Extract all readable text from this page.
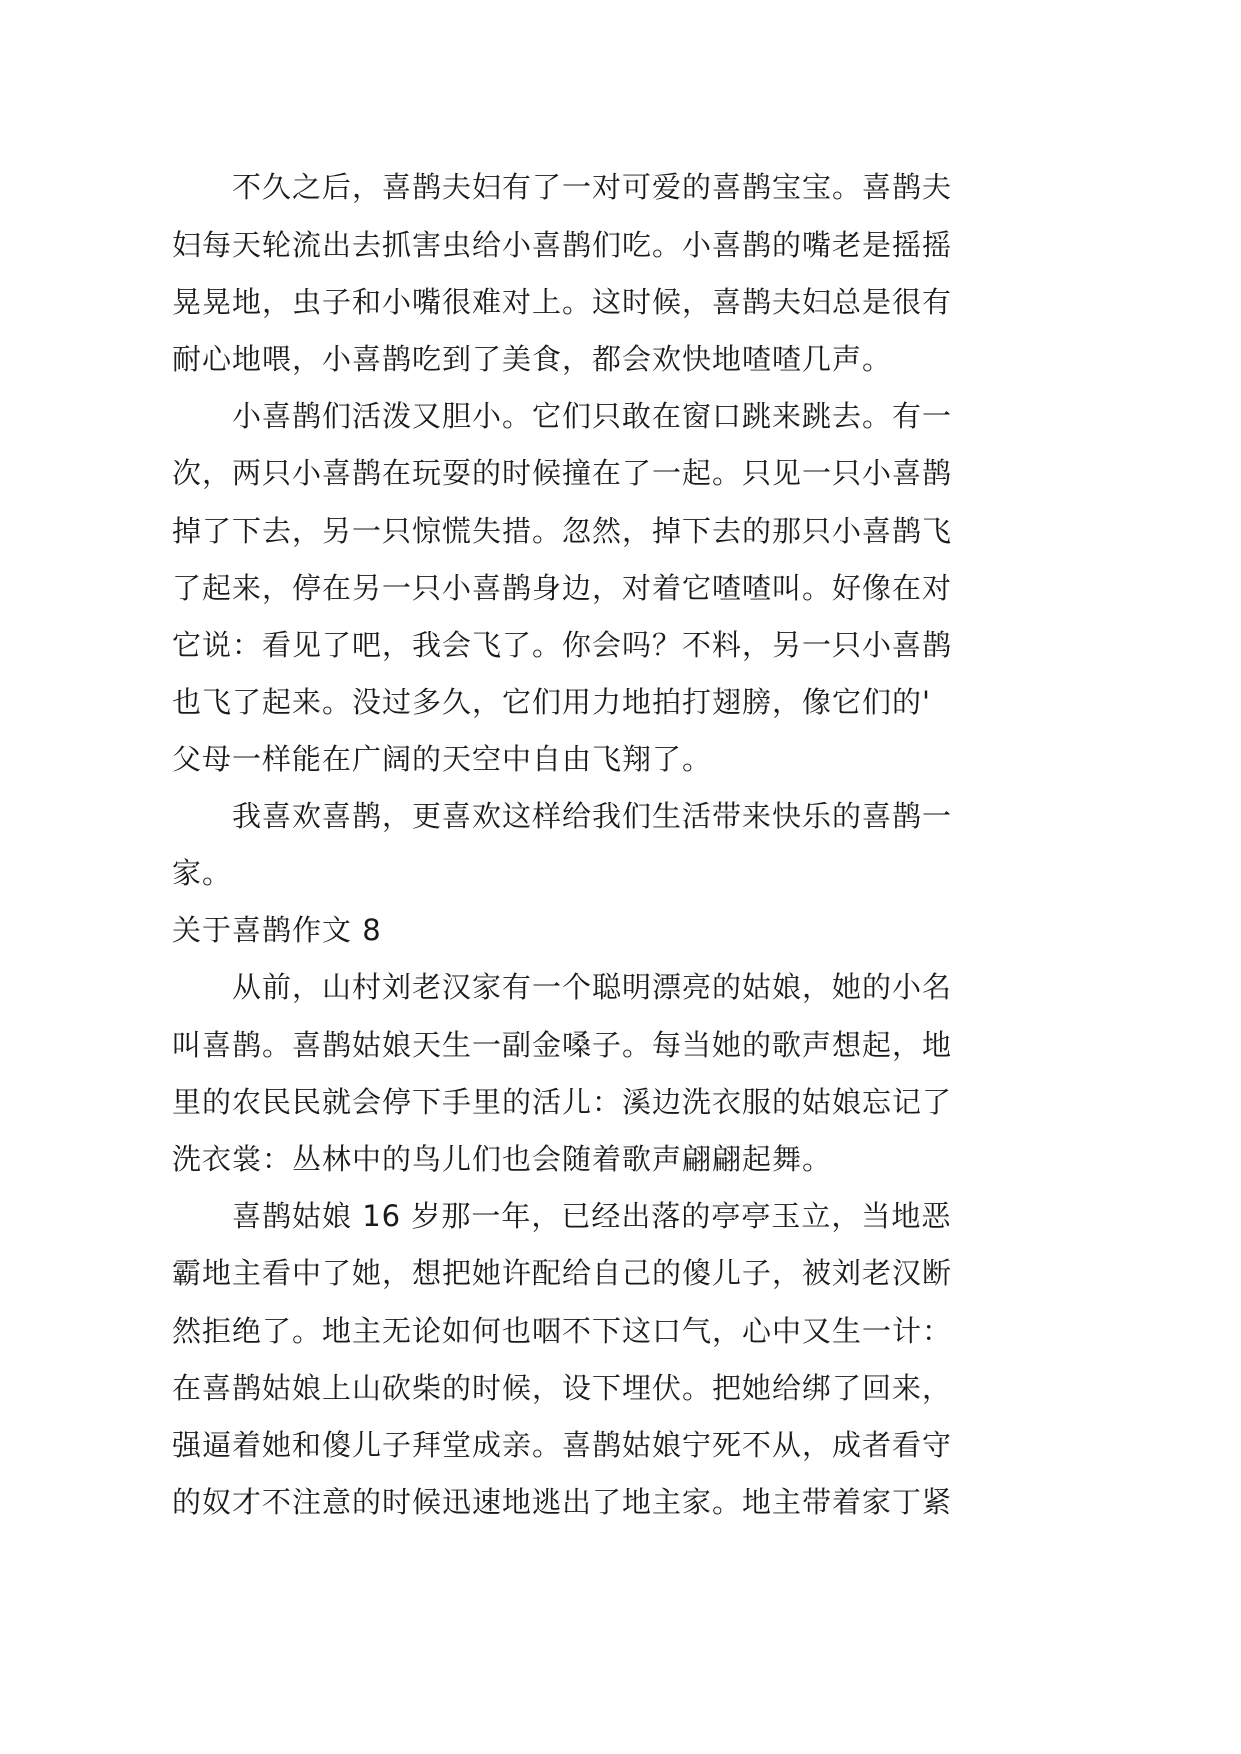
不久之后，喜鹊夫妇有了一对可爱的喜鹊宝宝。喜鹊夫
妇每天轮流出去抓害虫给小喜鹊们吃。小喜鹊的嘴老是摇摇
晃晃地，虫子和小嘴很难对上。这时候，喜鹊夫妇总是很有
耐心地喂，小喜鹊吃到了美食，都会欢快地喳喳几声。
小喜鹊们活泼又胆小。它们只敢在窗口跳来跳去。有一
次，两只小喜鹊在玩耍的时候撞在了一起。只见一只小喜鹊
掉了下去，另一只惊慌失措。忽然，掉下去的那只小喜鹊飞
了起来，停在另一只小喜鹊身边，对着它喳喳叫。好像在对
它说：看见了吧，我会飞了。你会吗？不料，另一只小喜鹊
也飞了起来。没过多久，它们用力地拍打翅膀，像它们的'
父母一样能在广阔的天空中自由飞翔了。
我喜欢喜鹊，更喜欢这样给我们生活带来快乐的喜鹊一
家。
关于喜鹊作文 8
从前，山村刘老汉家有一个聪明漂亮的姑娘，她的小名
叫喜鹊。喜鹊姑娘天生一副金嗓子。每当她的歌声想起，地
里的农民民就会停下手里的活儿：溪边洗衣服的姑娘忘记了
洗衣裳：丛林中的鸟儿们也会随着歌声翩翩起舞。
喜鹊姑娘 16 岁那一年，已经出落的亭亭玉立，当地恶
霸地主看中了她，想把她许配给自己的傻儿子，被刘老汉断
然拒绝了。地主无论如何也咽不下这口气，心中又生一计：
在喜鹊姑娘上山砍柴的时候，设下埋伏。把她给绑了回来，
强逼着她和傻儿子拜堂成亲。喜鹊姑娘宁死不从，成者看守
的奴才不注意的时候迅速地逃出了地主家。地主带着家丁紧
